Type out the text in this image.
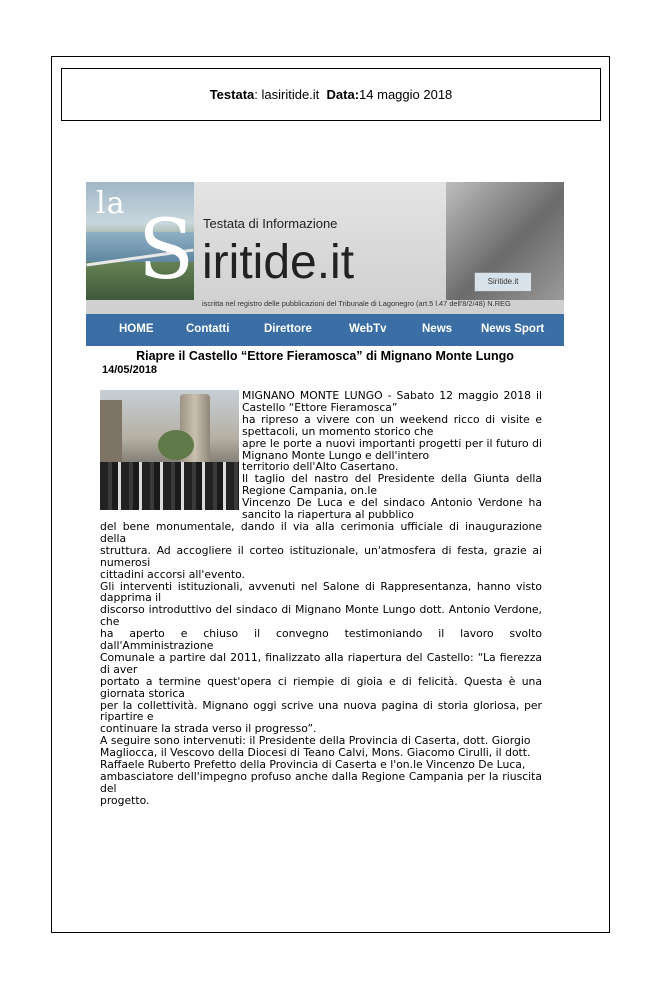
Testata : lasiritide.it
Data: 14 maggio 2018
la S Testata di Informazione
iritide.it	Siritide.it
iscritta nel registro delle pubblicazioni del Tribunale di Lagonegro (art.5 l.47 dell'8/2/48) N.REG
HOME	Contatti	Direttore	WebTv	News	News Sport
Riapre il Castello “Ettore Fieramosca” di Mignano Monte Lungo
14/05/2018
MIGNANO MONTE LUNGO - Sabato 12 maggio 2018 il Castello “Ettore Fieramosca”
ha ripreso a vivere con un weekend ricco di visite e spettacoli, un momento storico che
apre le porte a nuovi importanti progetti per il futuro di Mignano Monte Lungo e dell'intero
territorio dell'Alto Casertano.
Il taglio del nastro del Presidente della Giunta della Regione Campania, on.le
Vincenzo De Luca e del sindaco Antonio Verdone ha sancito la riapertura al pubblico
del bene monumentale, dando il via alla cerimonia ufficiale di inaugurazione della
struttura. Ad accogliere il corteo istituzionale, un'atmosfera di festa, grazie ai numerosi
cittadini accorsi all'evento.
Gli interventi istituzionali, avvenuti nel Salone di Rappresentanza, hanno visto dapprima il
discorso introduttivo del sindaco di Mignano Monte Lungo dott. Antonio Verdone, che
ha aperto e chiuso il convegno testimoniando il lavoro svolto dall'Amministrazione
Comunale a partire dal 2011, finalizzato alla riapertura del Castello: “La fierezza di aver
portato a termine quest'opera ci riempie di gioia e di felicità. Questa è una giornata storica
per la collettività. Mignano oggi scrive una nuova pagina di storia gloriosa, per ripartire e
continuare la strada verso il progresso”.
A seguire sono intervenuti: il Presidente della Provincia di Caserta, dott. Giorgio
Magliocca, il Vescovo della Diocesi di Teano Calvi, Mons. Giacomo Cirulli, il dott.
Raffaele Ruberto Prefetto della Provincia di Caserta e l'on.le Vincenzo De Luca,
ambasciatore dell'impegno profuso anche dalla Regione Campania per la riuscita del
progetto.
